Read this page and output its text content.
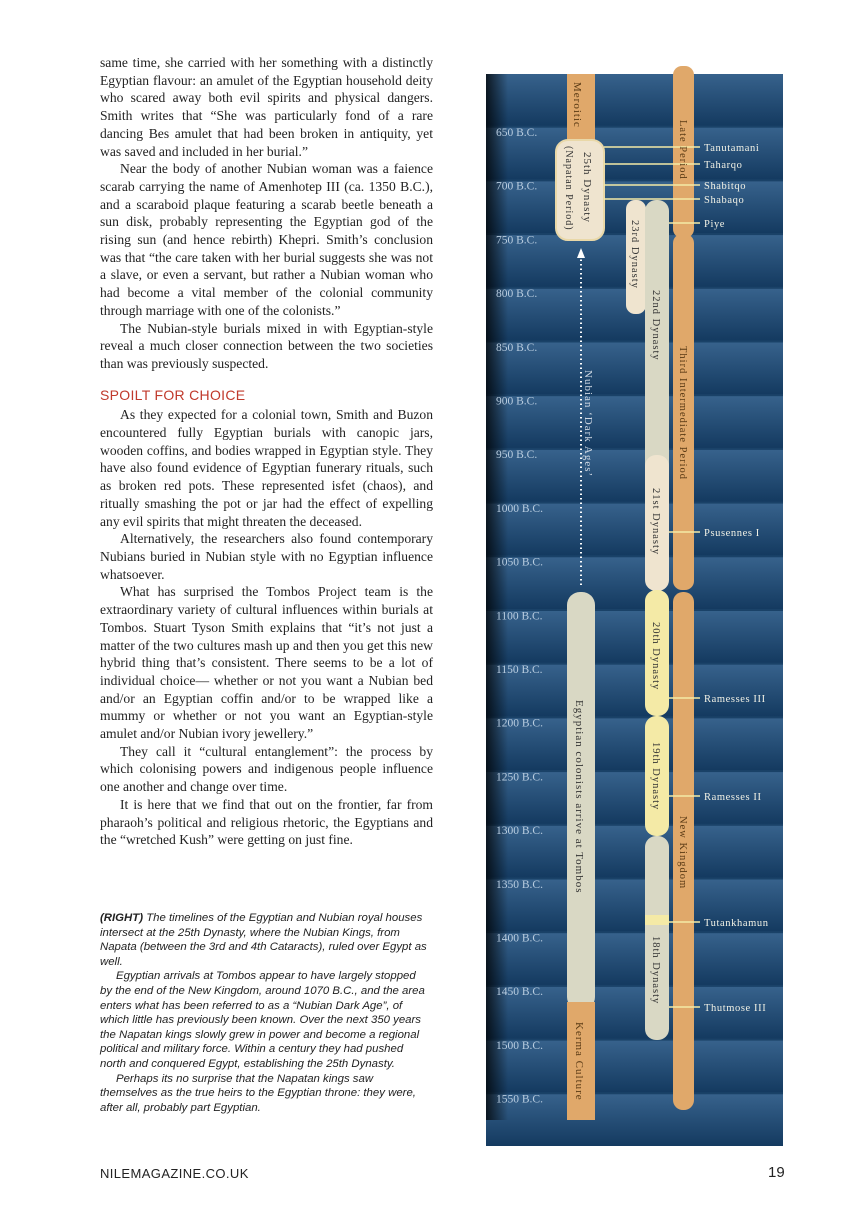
same time, she carried with her something with a distinctly Egyptian flavour: an amulet of the Egyptian household deity who scared away both evil spirits and physical dangers. Smith writes that “She was particularly fond of a rare dancing Bes amulet that had been broken in antiquity, yet was saved and included in her burial.”

Near the body of another Nubian woman was a faience scarab carrying the name of Amenhotep III (ca. 1350 B.C.), and a scaraboid plaque featuring a scarab beetle beneath a sun disk, probably representing the Egyptian god of the rising sun (and hence rebirth) Khepri. Smith’s conclusion was that “the care taken with her burial suggests she was not a slave, or even a servant, but rather a Nubian woman who had become a vital member of the colonial community through marriage with one of the colonists.”

The Nubian-style burials mixed in with Egyptian-style reveal a much closer connection between the two societies than was previously suspected.

SPOILT FOR CHOICE

As they expected for a colonial town, Smith and Buzon encountered fully Egyptian burials with canopic jars, wooden coffins, and bodies wrapped in Egyptian style. They have also found evidence of Egyptian funerary rituals, such as broken red pots. These represented isfet (chaos), and ritually smashing the pot or jar had the effect of expelling any evil spirits that might threaten the deceased.

Alternatively, the researchers also found contemporary Nubians buried in Nubian style with no Egyptian influence whatsoever.

What has surprised the Tombos Project team is the extraordinary variety of cultural influences within burials at Tombos. Stuart Tyson Smith explains that “it’s not just a matter of the two cultures mash up and then you get this new hybrid thing that’s consistent. There seems to be a lot of individual choice— whether or not you want a Nubian bed and/or an Egyptian coffin and/or to be wrapped like a mummy or whether or not you want an Egyptian-style amulet and/or Nubian ivory jewellery.”

They call it “cultural entanglement”: the process by which colonising powers and indigenous people influence one another and change over time.

It is here that we find that out on the frontier, far from pharaoh’s political and religious rhetoric, the Egyptians and the “wretched Kush” were getting on just fine.

(RIGHT) The timelines of the Egyptian and Nubian royal houses intersect at the 25th Dynasty, where the Nubian Kings, from Napata (between the 3rd and 4th Cataracts), ruled over Egypt as well.

Egyptian arrivals at Tombos appear to have largely stopped by the end of the New Kingdom, around 1070 B.C., and the area enters what has been referred to as a “Nubian Dark Age”, of which little has previously been known. Over the next 350 years the Napatan kings slowly grew in power and become a regional political and military force. Within a century they had pushed north and conquered Egypt, establishing the 25th Dynasty.

Perhaps its no surprise that the Napatan kings saw themselves as the true heirs to the Egyptian throne: they were, after all, probably part Egyptian.

NILEMAGAZINE.CO.UK	19
650 B.C.
700 B.C.
750 B.C.
800 B.C.
850 B.C.
900 B.C.
950 B.C.
1000 B.C.
1050 B.C.
1100 B.C.
1150 B.C.
1200 B.C.
1250 B.C.
1300 B.C.
1350 B.C.
1400 B.C.
1450 B.C.
1500 B.C.
1550 B.C.
Tanutamani
Taharqo
Shabitqo
Shabaqo
Piye
Psusennes I
Ramesses III
Ramesses II
Tutankhamun
Thutmose III
Meroitic
25th Dynasty
(Napatan Period)
Nubian ‘Dark Ages’
Egyptian colonists arrive at Tombos
Kerma Culture
23rd Dynasty
22nd Dynasty
21st Dynasty
20th Dynasty
19th Dynasty
18th Dynasty
Late Period
Third Intermediate Period
New Kingdom
